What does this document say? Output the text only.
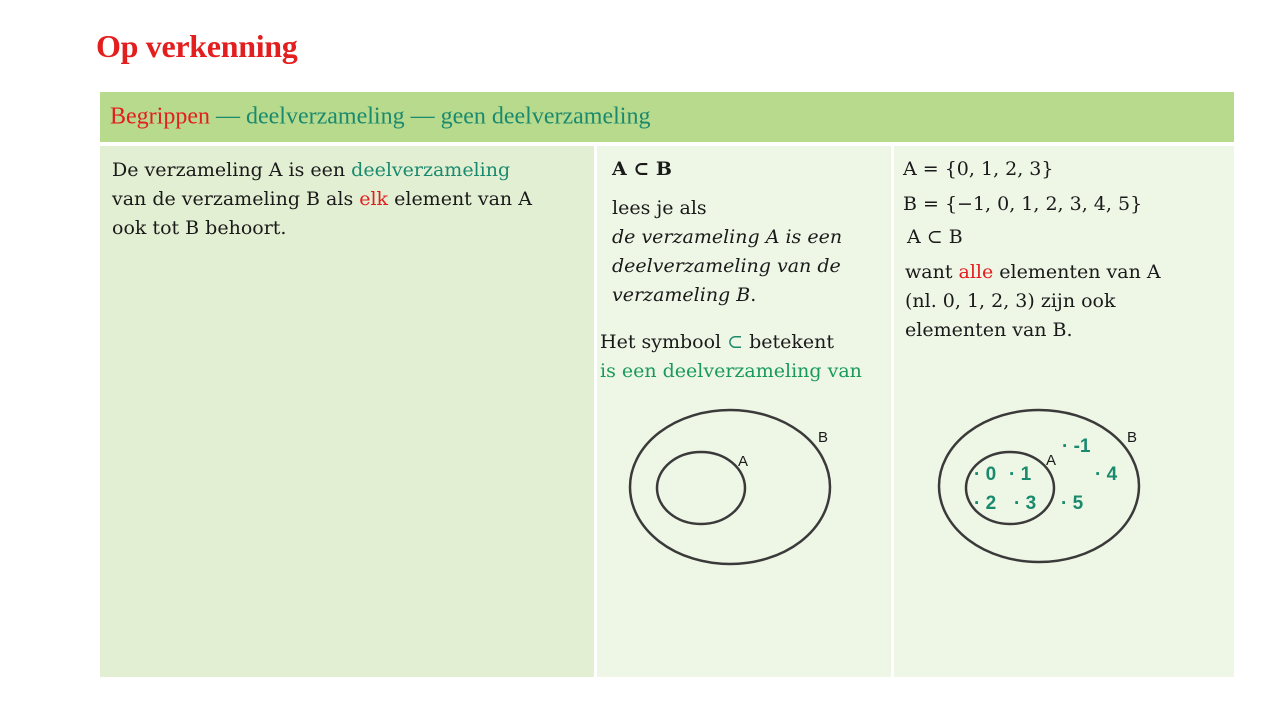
Op verkenning
Begrippen — deelverzameling — geen deelverzameling
De verzameling A is een deelverzameling
van de verzameling B als elk element van A
ook tot B behoort.
A ⊂ B
lees je als
de verzameling A is een
deelverzameling van de
verzameling B.
Het symbool ⊂ betekent
is een deelverzameling van
B
A
A = {0, 1, 2, 3}
B = {−1, 0, 1, 2, 3, 4, 5}
A ⊂ B
want alle elementen van A
(nl. 0, 1, 2, 3) zijn ook
elementen van B.
B
A
· -1
· 0 · 1	· 4
· 2 · 3 · 5
